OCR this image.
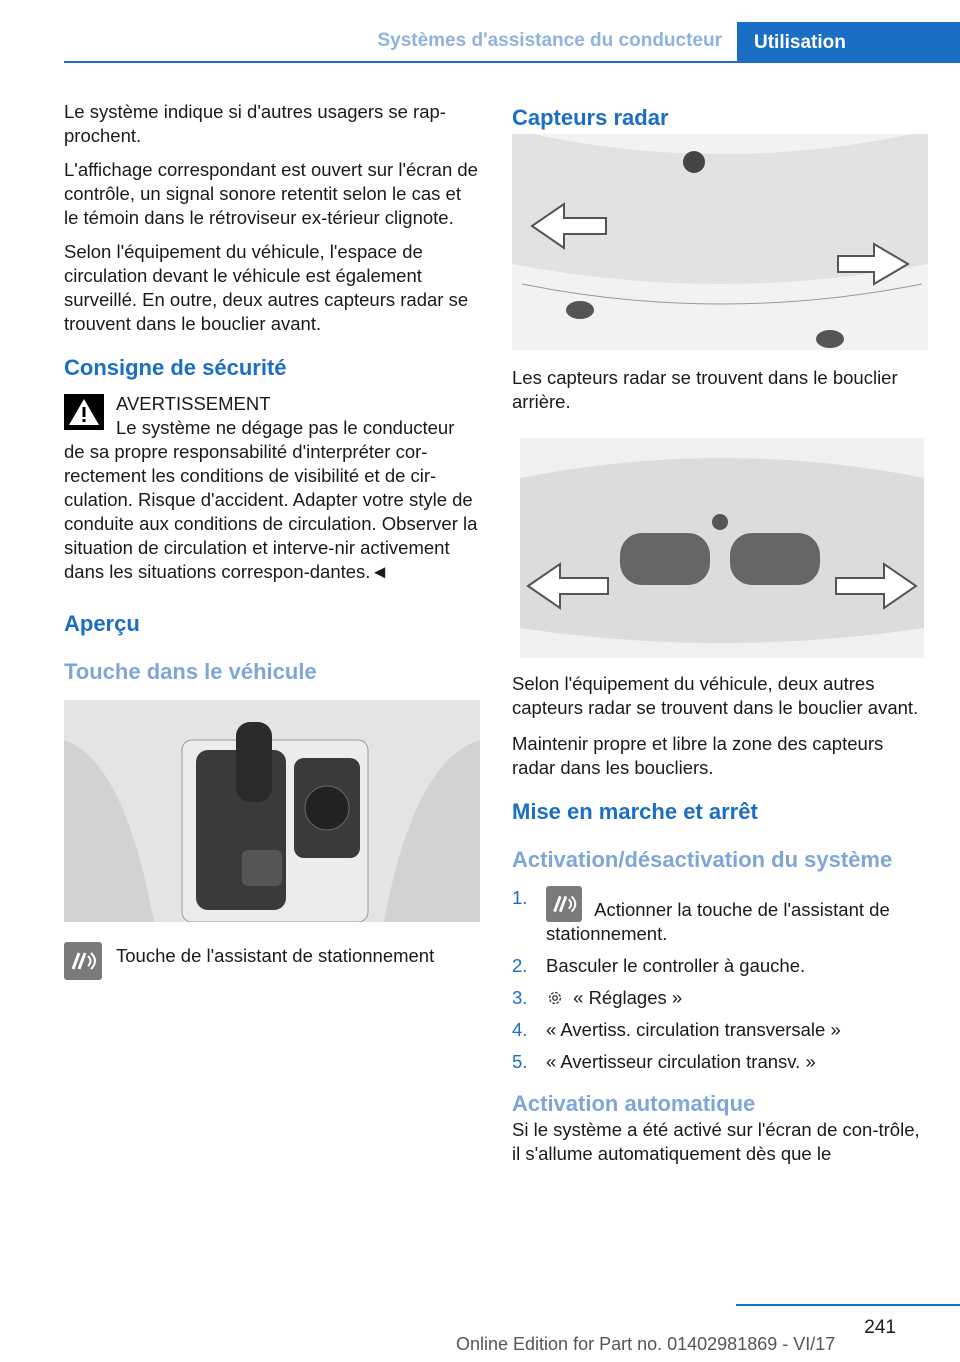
Systèmes d'assistance du conducteur	Utilisation

Le système indique si d'autres usagers se rap-prochent.

L'affichage correspondant est ouvert sur l'écran de contrôle, un signal sonore retentit selon le cas et le témoin dans le rétroviseur ex-térieur clignote.

Selon l'équipement du véhicule, l'espace de circulation devant le véhicule est également surveillé. En outre, deux autres capteurs radar se trouvent dans le bouclier avant.

Consigne de sécurité
AVERTISSEMENT
Le système ne dégage pas le conducteur
de sa propre responsabilité d'interpréter cor-rectement les conditions de visibilité et de cir-culation. Risque d'accident. Adapter votre style de conduite aux conditions de circulation. Observer la situation de circulation et interve-nir activement dans les situations correspon-dantes.◄
Aperçu
Touche dans le véhicule
Touche de l'assistant de stationnement
Capteurs radar

Les capteurs radar se trouvent dans le bouclier arrière.

Selon l'équipement du véhicule, deux autres capteurs radar se trouvent dans le bouclier avant.

Maintenir propre et libre la zone des capteurs radar dans les boucliers.

Mise en marche et arrêt
Activation/désactivation du système
1.
Actionner la touche de l'assistant de stationnement.
2. Basculer le controller à gauche.
3. « Réglages »
4. « Avertiss. circulation transversale »
5. « Avertisseur circulation transv. »
Activation automatique

Si le système a été activé sur l'écran de con-trôle, il s'allume automatiquement dès que le

241
Online Edition for Part no. 01402981869 - VI/17
